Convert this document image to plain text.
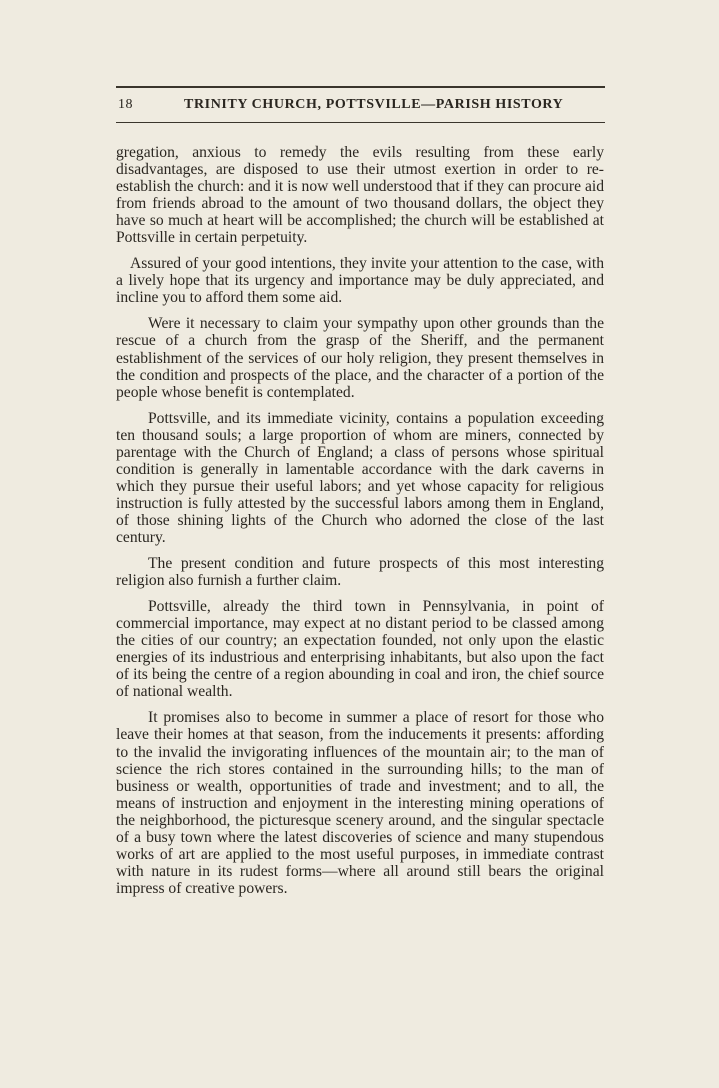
18	TRINITY CHURCH, POTTSVILLE—PARISH HISTORY

gregation, anxious to remedy the evils resulting from these early disadvantages, are disposed to use their utmost exertion in order to re-establish the church: and it is now well understood that if they can procure aid from friends abroad to the amount of two thousand dollars, the object they have so much at heart will be accomplished; the church will be established at Pottsville in certain perpetuity.

Assured of your good intentions, they invite your attention to the case, with a lively hope that its urgency and importance may be duly appreciated, and incline you to afford them some aid.

Were it necessary to claim your sympathy upon other grounds than the rescue of a church from the grasp of the Sheriff, and the permanent establishment of the services of our holy religion, they present themselves in the condition and prospects of the place, and the character of a portion of the people whose benefit is contemplated.

Pottsville, and its immediate vicinity, contains a population exceeding ten thousand souls; a large proportion of whom are miners, connected by parentage with the Church of England; a class of persons whose spiritual condition is generally in lamentable accordance with the dark caverns in which they pursue their useful labors; and yet whose capacity for religious instruction is fully attested by the successful labors among them in England, of those shining lights of the Church who adorned the close of the last century.

The present condition and future prospects of this most interesting religion also furnish a further claim.

Pottsville, already the third town in Pennsylvania, in point of commercial importance, may expect at no distant period to be classed among the cities of our country; an expectation founded, not only upon the elastic energies of its industrious and enterprising inhabitants, but also upon the fact of its being the centre of a region abounding in coal and iron, the chief source of national wealth.

It promises also to become in summer a place of resort for those who leave their homes at that season, from the inducements it presents: affording to the invalid the invigorating influences of the mountain air; to the man of science the rich stores contained in the surrounding hills; to the man of business or wealth, opportunities of trade and investment; and to all, the means of instruction and enjoyment in the interesting mining operations of the neighborhood, the picturesque scenery around, and the singular spectacle of a busy town where the latest discoveries of science and many stupendous works of art are applied to the most useful purposes, in immediate contrast with nature in its rudest forms—where all around still bears the original impress of creative powers.
